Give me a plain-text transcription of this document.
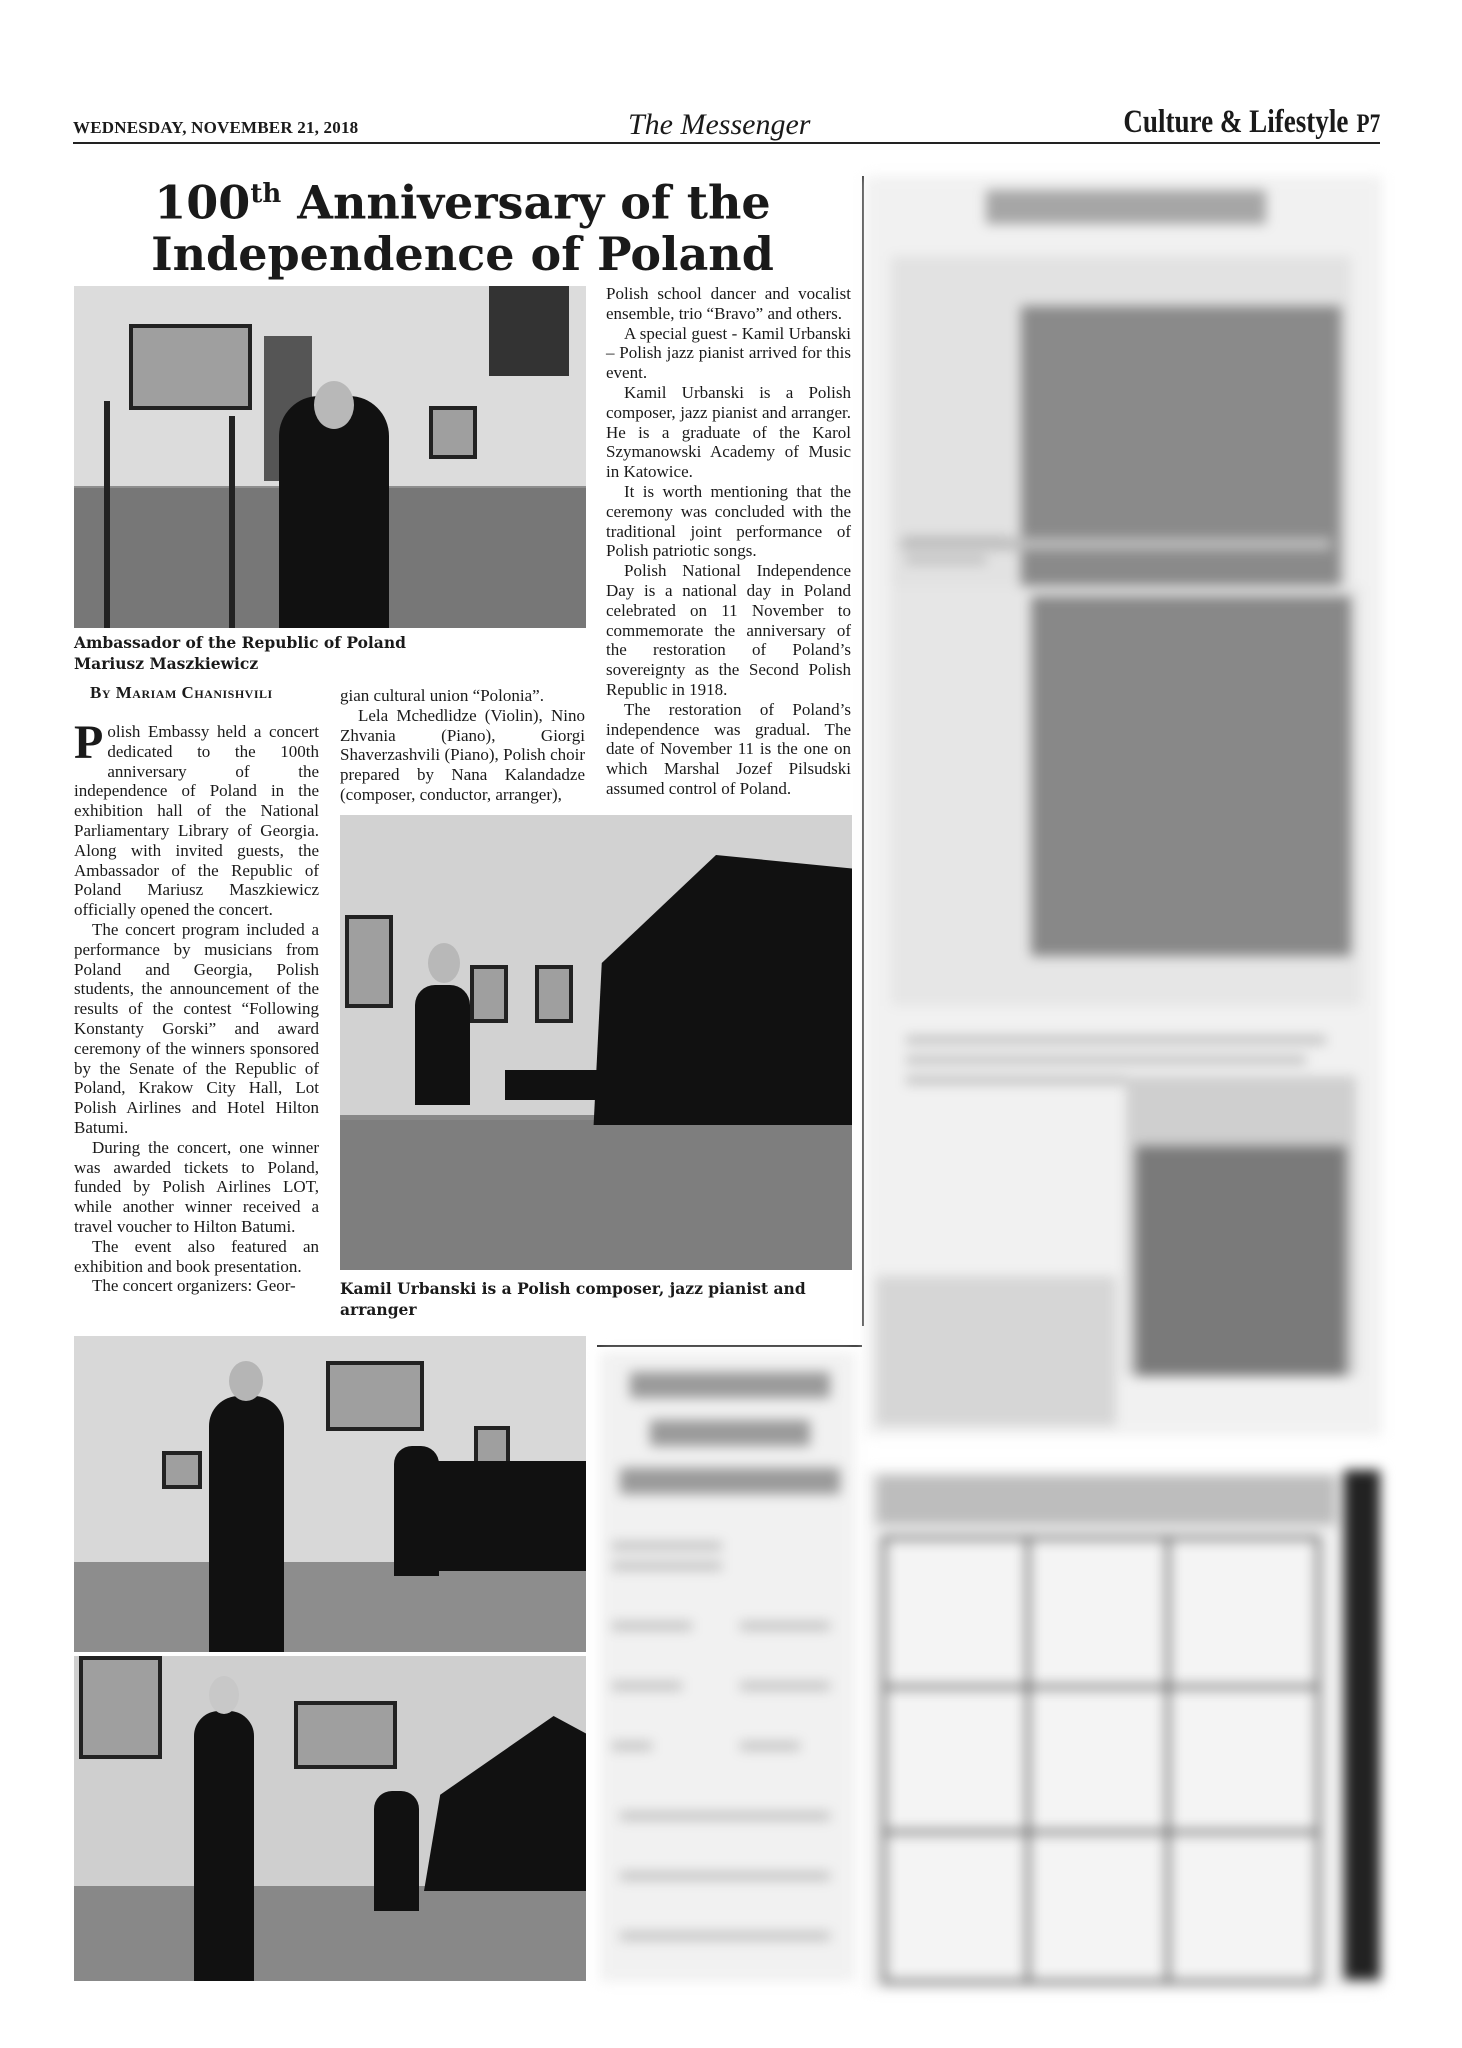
WEDNESDAY, NOVEMBER 21, 2018	The Messenger	Culture & Lifestyle P7
100th Anniversary of the
Independence of Poland
Ambassador of the Republic of Poland Mariusz Maszkiewicz
By Mariam Chanishvili

Polish Embassy held a concert dedicated to the 100th anniversary of the independence of Poland in the exhibition hall of the National Parliamentary Library of Georgia. Along with invited guests, the Ambassador of the Republic of Poland Mariusz Maszkiewicz officially opened the concert.

The concert program included a performance by musicians from Poland and Georgia, Polish students, the announcement of the results of the contest “Following Konstanty Gorski” and award ceremony of the winners sponsored by the Senate of the Republic of Poland, Krakow City Hall, Lot Polish Airlines and Hotel Hilton Batumi.

During the concert, one winner was awarded tickets to Poland, funded by Polish Airlines LOT, while another winner received a travel voucher to Hilton Batumi.

The event also featured an exhibition and book presentation.

The concert organizers: Geor-

gian cultural union “Polonia”.

Lela Mchedlidze (Violin), Nino Zhvania (Piano), Giorgi Shaverzashvili (Piano), Polish choir prepared by Nana Kalandadze (composer, conductor, arranger),

Polish school dancer and vocalist ensemble, trio “Bravo” and others.

A special guest - Kamil Urbanski – Polish jazz pianist arrived for this event.

Kamil Urbanski is a Polish composer, jazz pianist and arranger. He is a graduate of the Karol Szymanowski Academy of Music in Katowice.

It is worth mentioning that the ceremony was concluded with the traditional joint performance of Polish patriotic songs.

Polish National Independence Day is a national day in Poland celebrated on 11 November to commemorate the anniversary of the restoration of Poland’s sovereignty as the Second Polish Republic in 1918.

The restoration of Poland’s independence was gradual. The date of November 11 is the one on which Marshal Jozef Pilsudski assumed control of Poland.

Kamil Urbanski is a Polish composer, jazz pianist and arranger
